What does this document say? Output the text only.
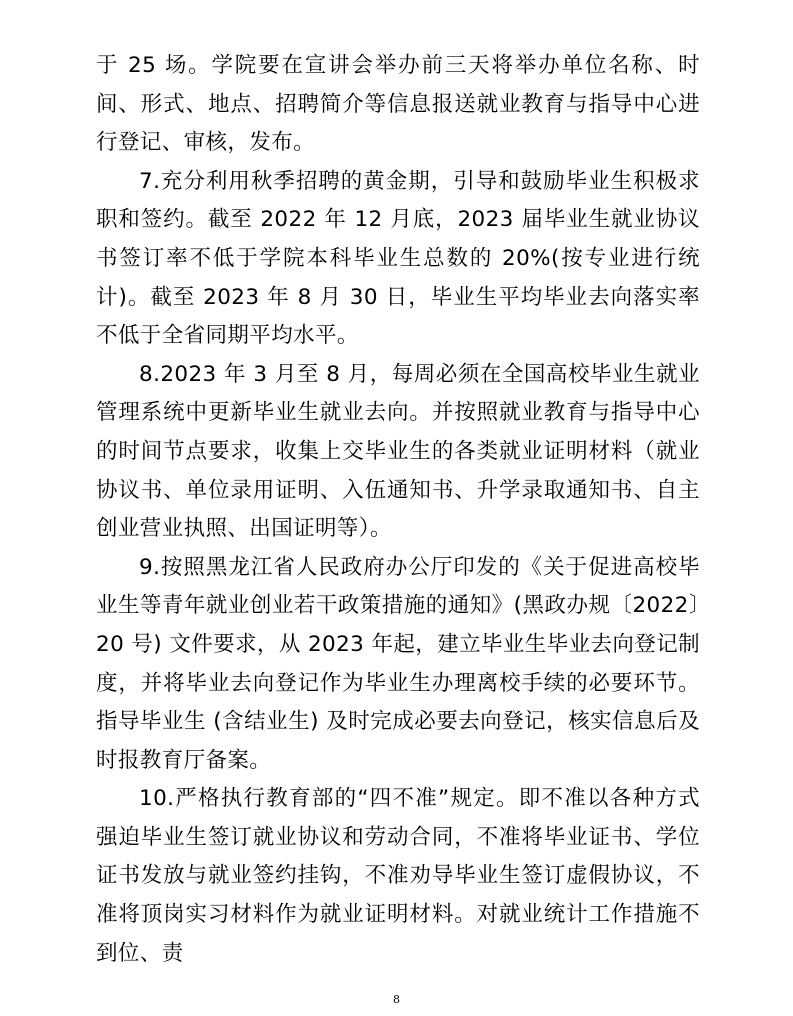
于 25 场。学院要在宣讲会举办前三天将举办单位名称、时间、形式、地点、招聘简介等信息报送就业教育与指导中心进行登记、审核，发布。

7.充分利用秋季招聘的黄金期，引导和鼓励毕业生积极求职和签约。截至 2022 年 12 月底，2023 届毕业生就业协议书签订率不低于学院本科毕业生总数的 20%(按专业进行统计)。截至 2023 年 8 月 30 日，毕业生平均毕业去向落实率不低于全省同期平均水平。

8.2023 年 3 月至 8 月，每周必须在全国高校毕业生就业管理系统中更新毕业生就业去向。并按照就业教育与指导中心的时间节点要求，收集上交毕业生的各类就业证明材料（就业协议书、单位录用证明、入伍通知书、升学录取通知书、自主创业营业执照、出国证明等）。

9.按照黑龙江省人民政府办公厅印发的《关于促进高校毕业生等青年就业创业若干政策措施的通知》(黑政办规〔2022〕20 号) 文件要求，从 2023 年起，建立毕业生毕业去向登记制度，并将毕业去向登记作为毕业生办理离校手续的必要环节。指导毕业生 (含结业生) 及时完成必要去向登记，核实信息后及时报教育厅备案。

10.严格执行教育部的“四不准”规定。即不准以各种方式强迫毕业生签订就业协议和劳动合同，不准将毕业证书、学位证书发放与就业签约挂钩，不准劝导毕业生签订虚假协议，不准将顶岗实习材料作为就业证明材料。对就业统计工作措施不到位、责

8
